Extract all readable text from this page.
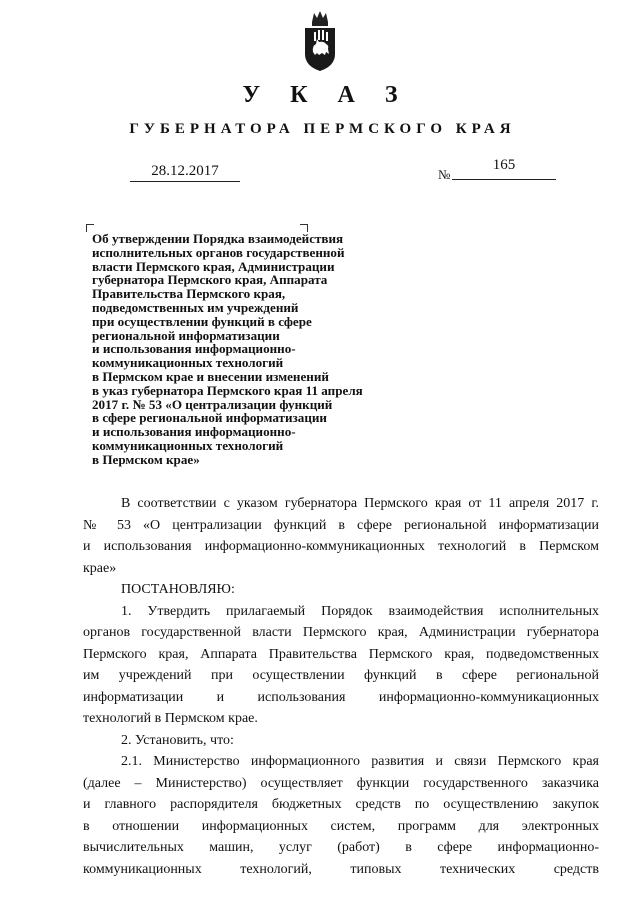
У К А З
ГУБЕРНАТОРА ПЕРМСКОГО КРАЯ
28.12.2017	№
165
Об утверждении Порядка взаимодействия
исполнительных органов государственной
власти Пермского края, Администрации
губернатора Пермского края, Аппарата
Правительства Пермского края,
подведомственных им учреждений
при осуществлении функций в сфере
региональной информатизации
и использования информационно-
коммуникационных технологий
в Пермском крае и внесении изменений
в указ губернатора Пермского края 11 апреля
2017 г. № 53 «О централизации функций
в сфере региональной информатизации
и использования информационно-
коммуникационных технологий
в Пермском крае»
В соответствии с указом губернатора Пермского края от 11 апреля 2017 г.
№ 53 «О централизации функций в сфере региональной информатизации
и использования информационно-коммуникационных технологий в Пермском
крае»
ПОСТАНОВЛЯЮ:
1. Утвердить прилагаемый Порядок взаимодействия исполнительных
органов государственной власти Пермского края, Администрации губернатора
Пермского края, Аппарата Правительства Пермского края, подведомственных
им учреждений при осуществлении функций в сфере региональной
информатизации и использования информационно-коммуникационных
технологий в Пермском крае.
2. Установить, что:
2.1. Министерство информационного развития и связи Пермского края
(далее – Министерство) осуществляет функции государственного заказчика
и главного распорядителя бюджетных средств по осуществлению закупок
в отношении информационных систем, программ для электронных
вычислительных машин, услуг (работ) в сфере информационно-
коммуникационных технологий, типовых технических средств
